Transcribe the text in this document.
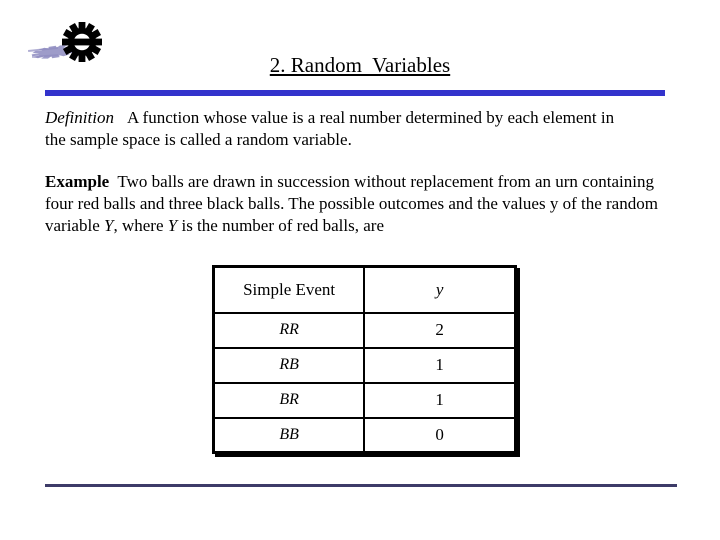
2. Random  Variables

Definition A function whose value is a real number determined by each element in the sample space is called a random variable.

Example  Two balls are drawn in succession without replacement from an urn containing four red balls and three black balls. The possible outcomes and the values y of the random variable Y, where Y is the number of red balls, are

Simple Event	y
RR	2
RB	1
BR	1
BB	0
